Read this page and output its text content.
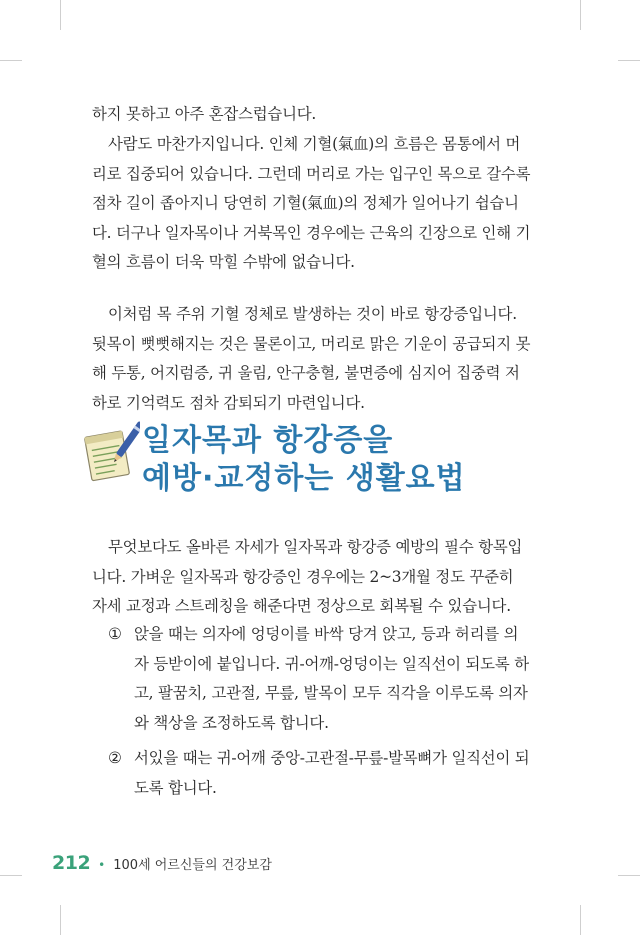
하지 못하고 아주 혼잡스럽습니다.

사람도 마찬가지입니다. 인체 기혈(氣血)의 흐름은 몸통에서 머리로 집중되어 있습니다. 그런데 머리로 가는 입구인 목으로 갈수록 점차 길이 좁아지니 당연히 기혈(氣血)의 정체가 일어나기 쉽습니다. 더구나 일자목이나 거북목인 경우에는 근육의 긴장으로 인해 기혈의 흐름이 더욱 막힐 수밖에 없습니다.

이처럼 목 주위 기혈 정체로 발생하는 것이 바로 항강증입니다. 뒷목이 뻣뻣해지는 것은 물론이고, 머리로 맑은 기운이 공급되지 못해 두통, 어지럼증, 귀 울림, 안구충혈, 불면증에 심지어 집중력 저하로 기억력도 점차 감퇴되기 마련입니다.

일자목과 항강증을
예방·교정하는 생활요법

무엇보다도 올바른 자세가 일자목과 항강증 예방의 필수 항목입니다. 가벼운 일자목과 항강증인 경우에는 2~3개월 정도 꾸준히 자세 교정과 스트레칭을 해준다면 정상으로 회복될 수 있습니다.

① 앉을 때는 의자에 엉덩이를 바싹 당겨 앉고, 등과 허리를 의자 등받이에 붙입니다. 귀-어깨-엉덩이는 일직선이 되도록 하고, 팔꿈치, 고관절, 무릎, 발목이 모두 직각을 이루도록 의자와 책상을 조정하도록 합니다.
② 서있을 때는 귀-어깨 중앙-고관절-무릎-발목뼈가 일직선이 되도록 합니다.
212 • 100세 어르신들의 건강보감
